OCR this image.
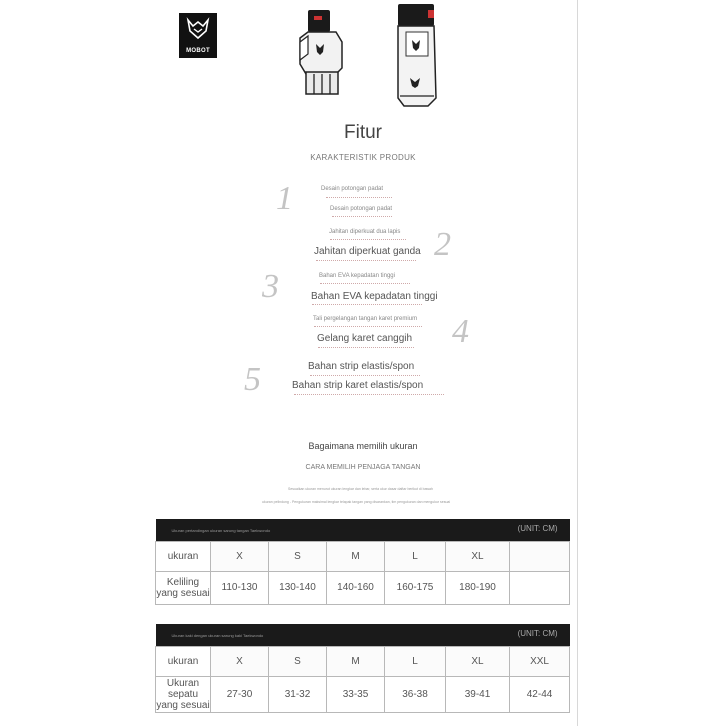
MOBOT
Fitur
KARAKTERISTIK PRODUK
1	Desain potongan padat
Desain potongan padat
Jahitan diperkuat dua lapis
Jahitan diperkuat ganda 2
3	Bahan EVA kepadatan tinggi
Bahan EVA kepadatan tinggi
Tali pergelangan tangan karet premium
Gelang karet canggih 4
5	Bahan strip elastis/spon
Bahan strip karet elastis/spon
Bagaimana memilih ukuran
CARA MEMILIH PENJAGA TANGAN
Sesuaikan ukuran menurut ukuran lengkar dan lebar, serta ukur dasar daftar berikut di bawah
ukuran pelindung - Pengukuran maksimal lengkar telapak tangan yang disarankan, tim pengukuran dan mengukur sesuai
Ukuran pertandingan ukuran sarung tangan Taekwondo (UNIT: CM)						

ukuran	X	S	M	L	XL	

Keliling
yang sesuai	110-130	130-140	140-160	160-175	180-190	
Ukuran kaki dengan ukuran sarung kaki Taekwondo (UNIT: CM)						

ukuran	X	S	M	L	XL	XXL

Ukuran sepatu
yang sesuai	27-30	31-32	33-35	36-38	39-41	42-44
